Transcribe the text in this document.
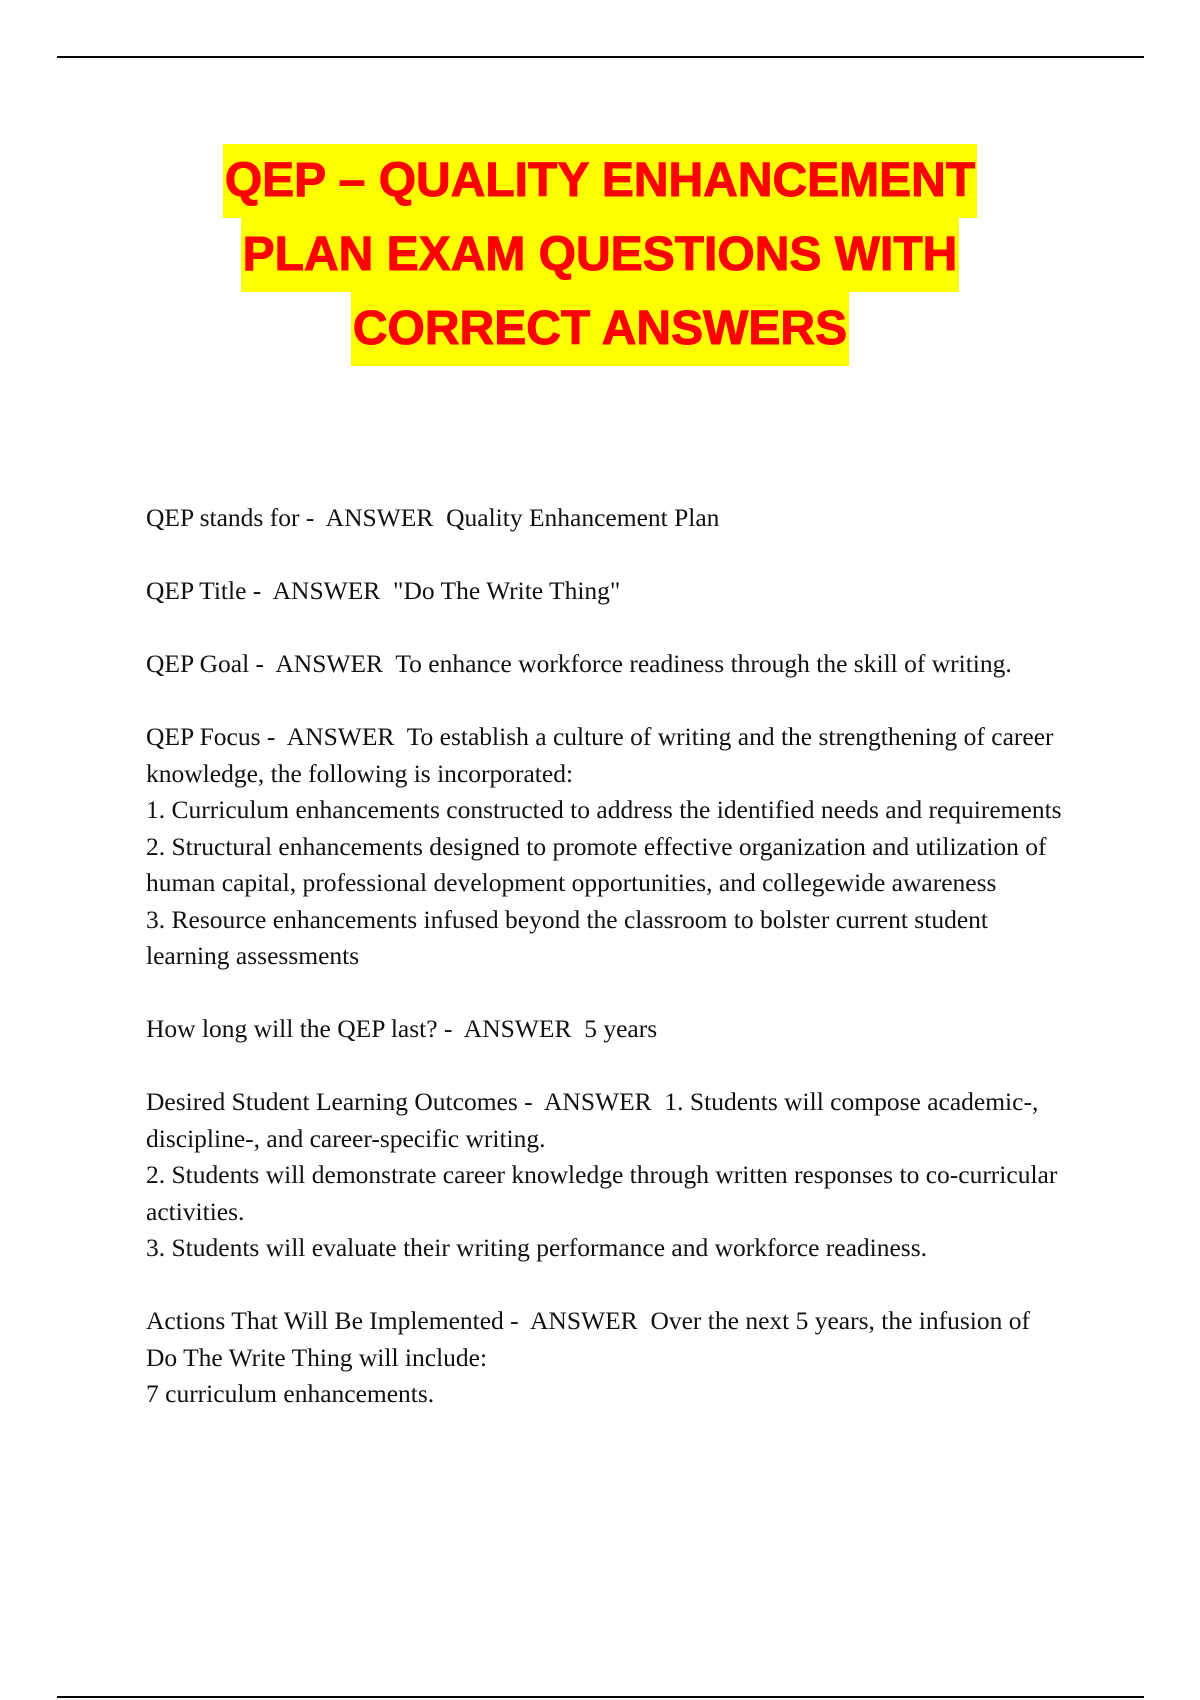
QEP – QUALITY ENHANCEMENT
PLAN EXAM QUESTIONS WITH
CORRECT ANSWERS

QEP stands for - ANSWER Quality Enhancement Plan

QEP Title - ANSWER "Do The Write Thing"

QEP Goal - ANSWER To enhance workforce readiness through the skill of writing.

QEP Focus - ANSWER To establish a culture of writing and the strengthening of career knowledge, the following is incorporated:

1. Curriculum enhancements constructed to address the identified needs and requirements

2. Structural enhancements designed to promote effective organization and utilization of human capital, professional development opportunities, and collegewide awareness

3. Resource enhancements infused beyond the classroom to bolster current student learning assessments

How long will the QEP last? - ANSWER 5 years

Desired Student Learning Outcomes - ANSWER 1. Students will compose academic-, discipline-, and career-specific writing.

2. Students will demonstrate career knowledge through written responses to co-curricular activities.

3. Students will evaluate their writing performance and workforce readiness.

Actions That Will Be Implemented - ANSWER Over the next 5 years, the infusion of Do The Write Thing will include:

7 curriculum enhancements.
